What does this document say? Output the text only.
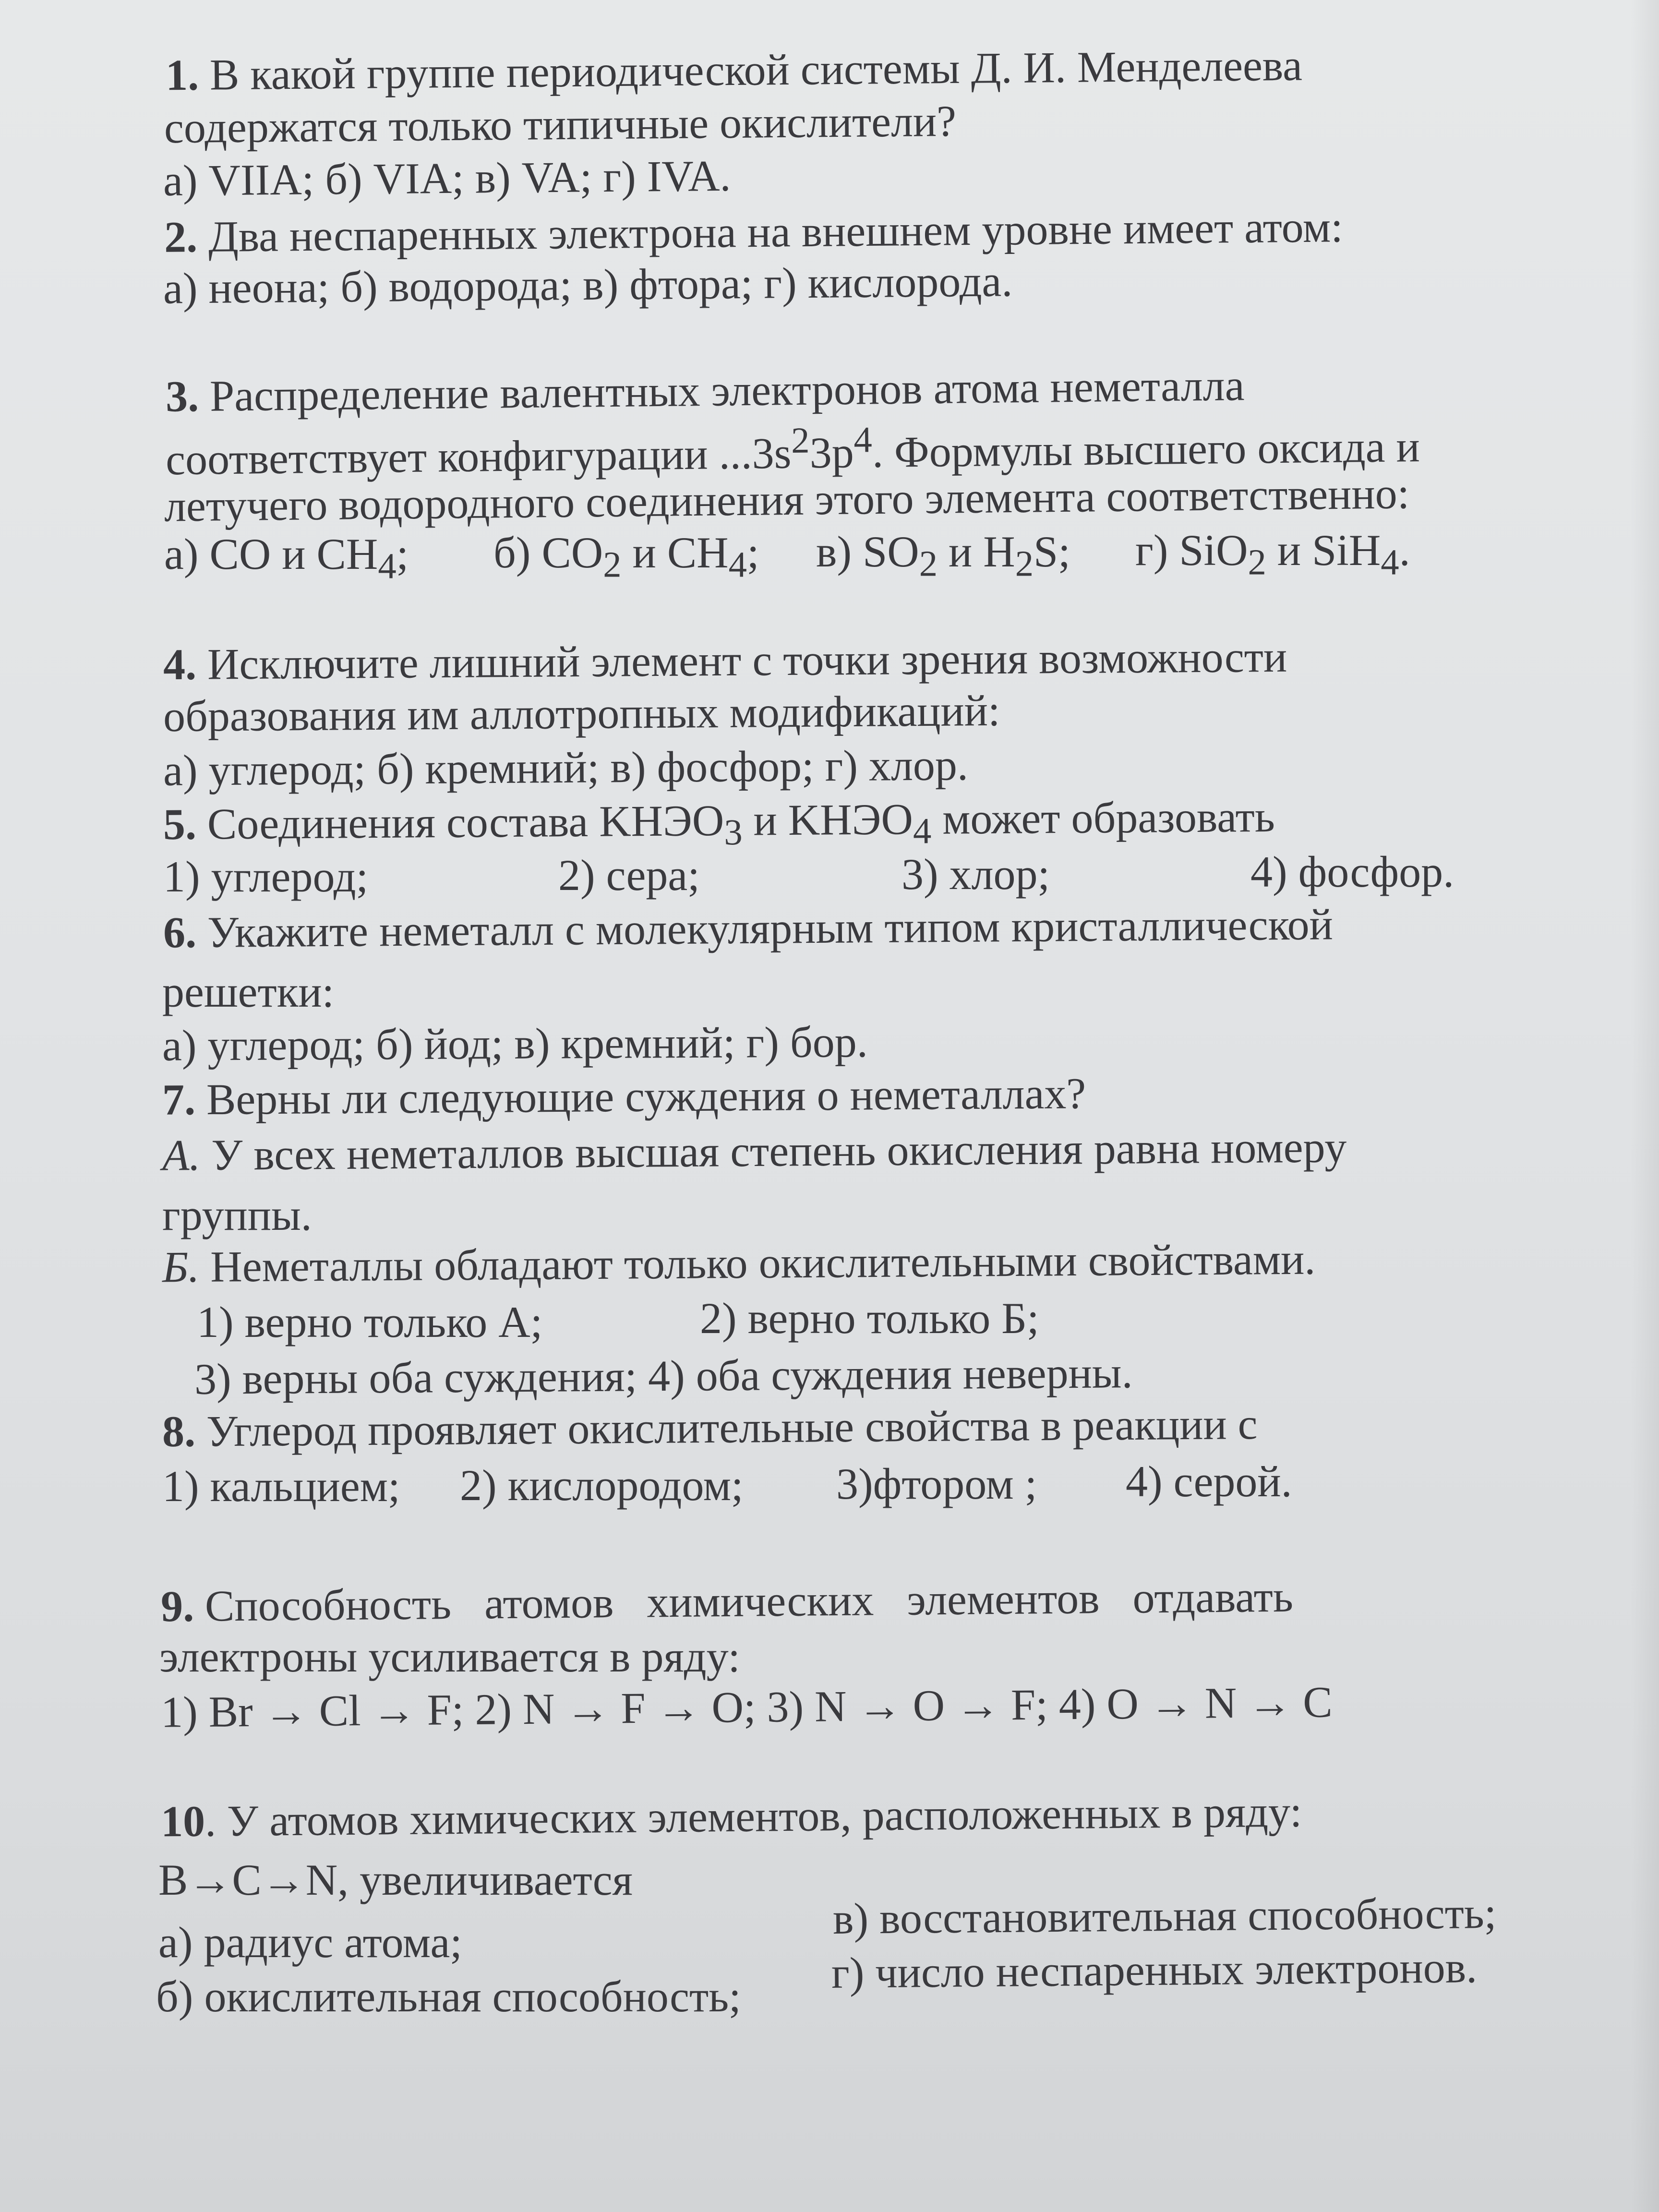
1. В какой группе периодической системы Д. И. Менделеева
содержатся только типичные окислители?
а) VIIA; б) VIA; в) VA; г) IVA.
2. Два неспаренных электрона на внешнем уровне имеет атом:
а) неона; б) водорода; в) фтора; г) кислорода.
3. Распределение валентных электронов атома неметалла
соответствует конфигурации $...3s^23p^4$. Формулы высшего оксида и
летучего водородного соединения этого элемента соответственно:
а) CO и $CH_4$; б) $CO_2$ и $CH_4$; в) $SO_2$ и $H_2S$; г) SiO$_2$ и SiH$_4$.
4. Исключите лишний элемент с точки зрения возможности
образования им аллотропных модификаций:
а) углерод; б) кремний; в) фосфор; г) хлор.
5. Соединения состава $KHЭO_3$ и $KHЭO_4$ может образовать
1) углерод;	2) сера;	3) хлор;	4) фосфор.
6. Укажите неметалл с молекулярным типом кристаллической
решетки:
а) углерод; б) йод; в) кремний; г) бор.
7. Верны ли следующие суждения о неметаллах?
А. У всех неметаллов высшая степень окисления равна номеру
группы.
Б. Неметаллы обладают только окислительными свойствами.
1) верно только А;	2) верно только Б;
3) верны оба суждения; 4) оба суждения неверны.
8. Углерод проявляет окислительные свойства в реакции с
1) кальцием; 2) кислородом; 3)фтором ; 4) серой.
9. Способность   атомов   химических   элементов   отдавать
электроны усиливается в ряду:
1) Br → Cl → F; 2) N → F → O; 3) N → O → F; 4) O → N → C
10. У атомов химических элементов, расположенных в ряду:
B→C→N, увеличивается
а) радиус атома;
б) окислительная способность;
в) восстановительная способность;
г) число неспаренных электронов.
